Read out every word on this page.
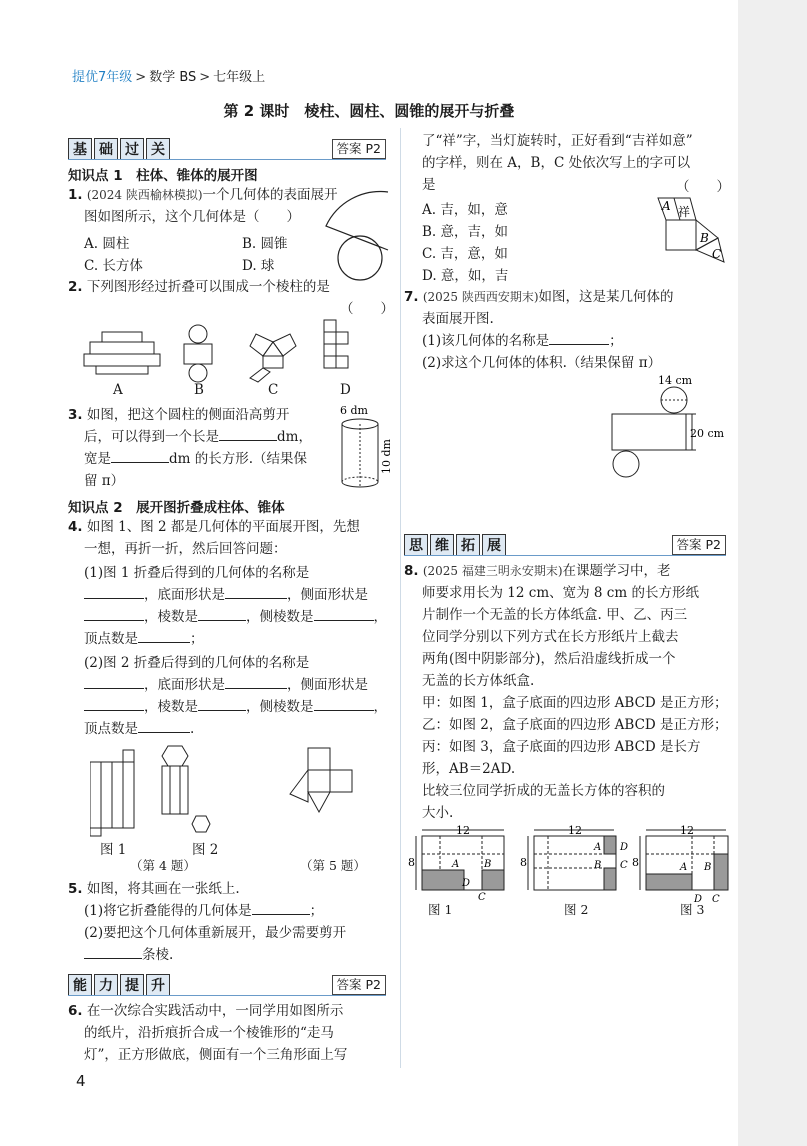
提优7年级 > 数学 BS > 七年级上
第 2 课时　棱柱、圆柱、圆锥的展开与折叠
基 础 过 关	答案 P2
知识点 1　柱体、锥体的展开图
1. (2024 陕西榆林模拟)一个几何体的表面展开
图如图所示，这个几何体是（　　）
A. 圆柱	B. 圆锥
C. 长方体	D. 球
2. 下列图形经过折叠可以围成一个棱柱的是
（　　）
A	B	C	D
3. 如图，把这个圆柱的侧面沿高剪开
后，可以得到一个长是	dm，
宽是	dm 的长方形.（结果保
留 π）
6 dm
10 dm
知识点 2　展开图折叠成柱体、锥体
4. 如图 1、图 2 都是几何体的平面展开图，先想
一想，再折一折，然后回答问题：
(1)图 1 折叠后得到的几何体的名称是
，底面形状是	，侧面形状是
，棱数是	，侧棱数是	，
顶点数是	；
(2)图 2 折叠后得到的几何体的名称是
，底面形状是	，侧面形状是
，棱数是	，侧棱数是	，
顶点数是	.
图 1	图 2
（第 4 题）	（第 5 题）
5. 如图，将其画在一张纸上.
(1)将它折叠能得的几何体是	；
(2)要把这个几何体重新展开，最少需要剪开
条棱.
能 力 提 升	答案 P2
6. 在一次综合实践活动中，一同学用如图所示
的纸片，沿折痕折合成一个棱锥形的“走马
灯”，正方形做底，侧面有一个三角形面上写
4
了“祥”字，当灯旋转时，正好看到“吉祥如意”
的字样，则在 A，B，C 处依次写上的字可以
是	（　　）
A. 吉，如，意
B. 意，吉，如
C. 吉，意，如
D. 意，如，吉
A 祥
B
C
7. (2025 陕西西安期末)如图，这是某几何体的
表面展开图.
(1)该几何体的名称是	；
(2)求这个几何体的体积.（结果保留 π）
14 cm
20 cm
思 维 拓 展	答案 P2
8. (2025 福建三明永安期末)在课题学习中，老
师要求用长为 12 cm、宽为 8 cm 的长方形纸
片制作一个无盖的长方体纸盒. 甲、乙、丙三
位同学分别以下列方式在长方形纸片上截去
两角(图中阴影部分)，然后沿虚线折成一个
无盖的长方体纸盒.
甲：如图 1，盒子底面的四边形 ABCD 是正方形；
乙：如图 2，盒子底面的四边形 ABCD 是正方形；
丙：如图 3，盒子底面的四边形 ABCD 是长方
形，AB＝2AD.
比较三位同学折成的无盖长方体的容积的
大小.
12
8	A B
D
C
12
8
A D
B C
12
8	A B
D C
图 1	图 2	图 3
